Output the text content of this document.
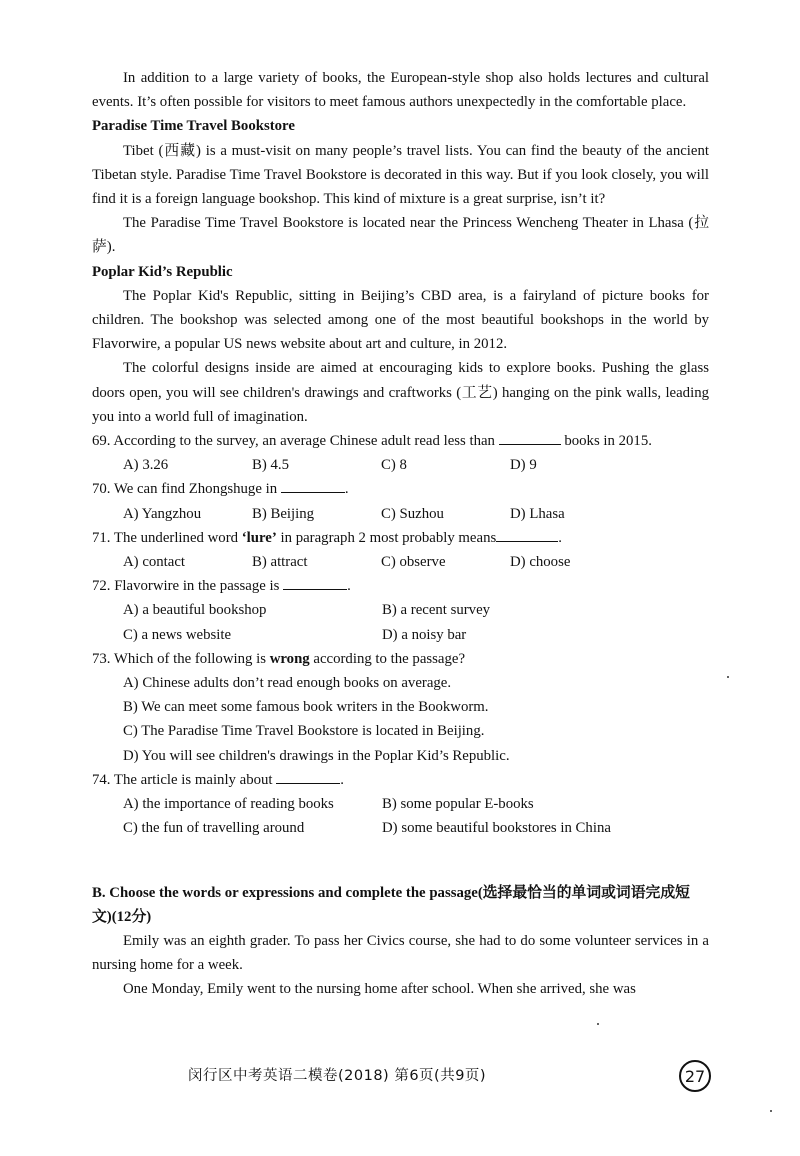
In addition to a large variety of books, the European-style shop also holds lectures and cultural events. It’s often possible for visitors to meet famous authors unexpectedly in the comfortable place.

Paradise Time Travel Bookstore

Tibet (西藏) is a must-visit on many people’s travel lists. You can find the beauty of the ancient Tibetan style. Paradise Time Travel Bookstore is decorated in this way. But if you look closely, you will find it is a foreign language bookshop. This kind of mixture is a great surprise, isn’t it?

The Paradise Time Travel Bookstore is located near the Princess Wencheng Theater in Lhasa (拉萨).

Poplar Kid’s Republic

The Poplar Kid's Republic, sitting in Beijing’s CBD area, is a fairyland of picture books for children. The bookshop was selected among one of the most beautiful bookshops in the world by Flavorwire, a popular US news website about art and culture, in 2012.

The colorful designs inside are aimed at encouraging kids to explore books. Pushing the glass doors open, you will see children's drawings and craftworks (工艺) hanging on the pink walls, leading you into a world full of imagination.

69. According to the survey, an average Chinese adult read less than	books in 2015.

A) 3.26	B) 4.5	C) 8	D) 9

70. We can find Zhongshuge in	.

A) Yangzhou	B) Beijing	C) Suzhou	D) Lhasa

71. The underlined word ‘lure’ in paragraph 2 most probably means	.

A) contact	B) attract	C) observe	D) choose

72. Flavorwire in the passage is	.

A) a beautiful bookshop	B) a recent survey
C) a news website	D) a noisy bar

73. Which of the following is wrong according to the passage?

A) Chinese adults don’t read enough books on average.

B) We can meet some famous book writers in the Bookworm.

C) The Paradise Time Travel Bookstore is located in Beijing.

D) You will see children's drawings in the Poplar Kid’s Republic.

74. The article is mainly about	.

A) the importance of reading books	B) some popular E-books
C) the fun of travelling around	D) some beautiful bookstores in China

B. Choose the words or expressions and complete the passage(选择最恰当的单词或词语完成短文)(12分)

Emily was an eighth grader. To pass her Civics course, she had to do some volunteer services in a nursing home for a week.

One Monday, Emily went to the nursing home after school. When she arrived, she was

闵行区中考英语二模卷(2018) 第6页(共9页)	27
